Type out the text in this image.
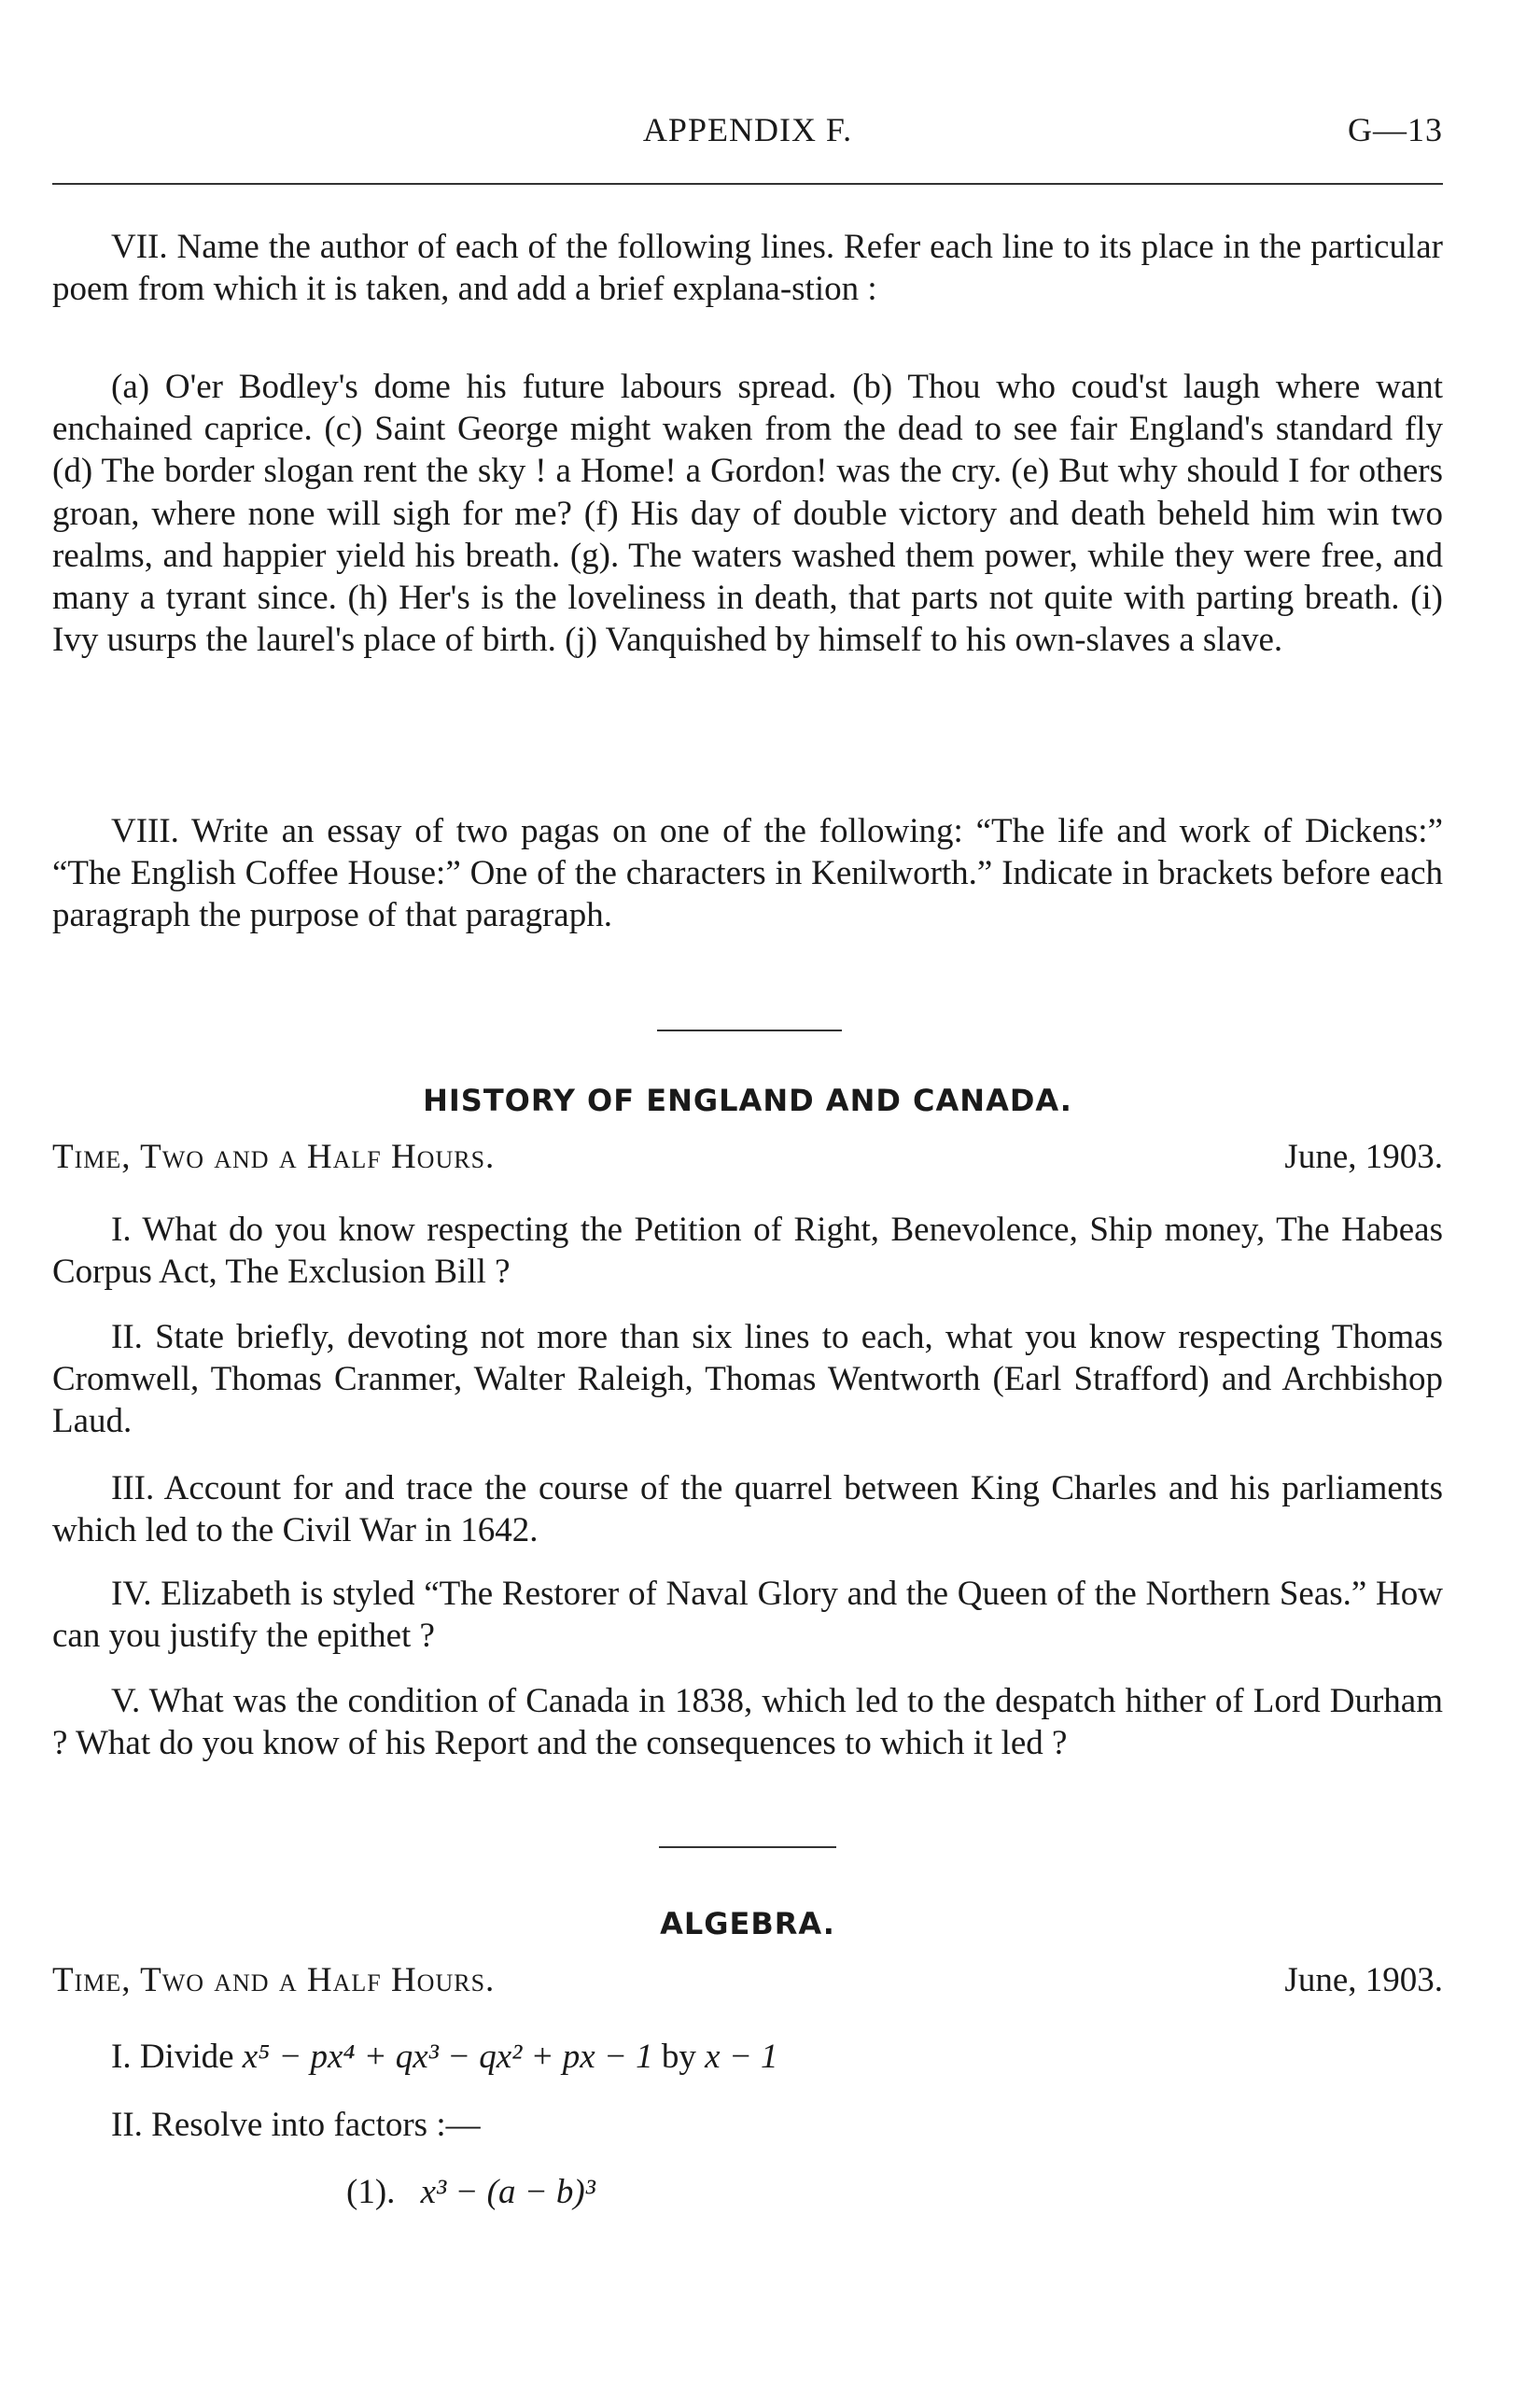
APPENDIX F.	G—13

VII. Name the author of each of the following lines. Refer each line to its place in the particular poem from which it is taken, and add a brief explana-stion :

(a) O'er Bodley's dome his future labours spread. (b) Thou who coud'st laugh where want enchained caprice. (c) Saint George might waken from the dead to see fair England's standard fly (d) The border slogan rent the sky ! a Home! a Gordon! was the cry. (e) But why should I for others groan, where none will sigh for me? (f) His day of double victory and death beheld him win two realms, and happier yield his breath. (g). The waters washed them power, while they were free, and many a tyrant since. (h) Her's is the loveliness in death, that parts not quite with parting breath. (i) Ivy usurps the laurel's place of birth. (j) Vanquished by himself to his own-slaves a slave.

VIII. Write an essay of two pagas on one of the following: “The life and work of Dickens:” “The English Coffee House:” One of the characters in Kenilworth.” Indicate in brackets before each paragraph the purpose of that paragraph.

HISTORY OF ENGLAND AND CANADA.
Time, Two and a Half Hours.	June, 1903.

I. What do you know respecting the Petition of Right, Benevolence, Ship money, The Habeas Corpus Act, The Exclusion Bill ?

II. State briefly, devoting not more than six lines to each, what you know respecting Thomas Cromwell, Thomas Cranmer, Walter Raleigh, Thomas Wentworth (Earl Strafford) and Archbishop Laud.

III. Account for and trace the course of the quarrel between King Charles and his parliaments which led to the Civil War in 1642.

IV. Elizabeth is styled “The Restorer of Naval Glory and the Queen of the Northern Seas.” How can you justify the epithet ?

V. What was the condition of Canada in 1838, which led to the despatch hither of Lord Durham ? What do you know of his Report and the consequences to which it led ?

ALGEBRA.
Time, Two and a Half Hours.	June, 1903.
I. Divide x⁵ − px⁴ + qx³ − qx² + px − 1 by x − 1
II. Resolve into factors :—
(1). x³ − (a − b)³
